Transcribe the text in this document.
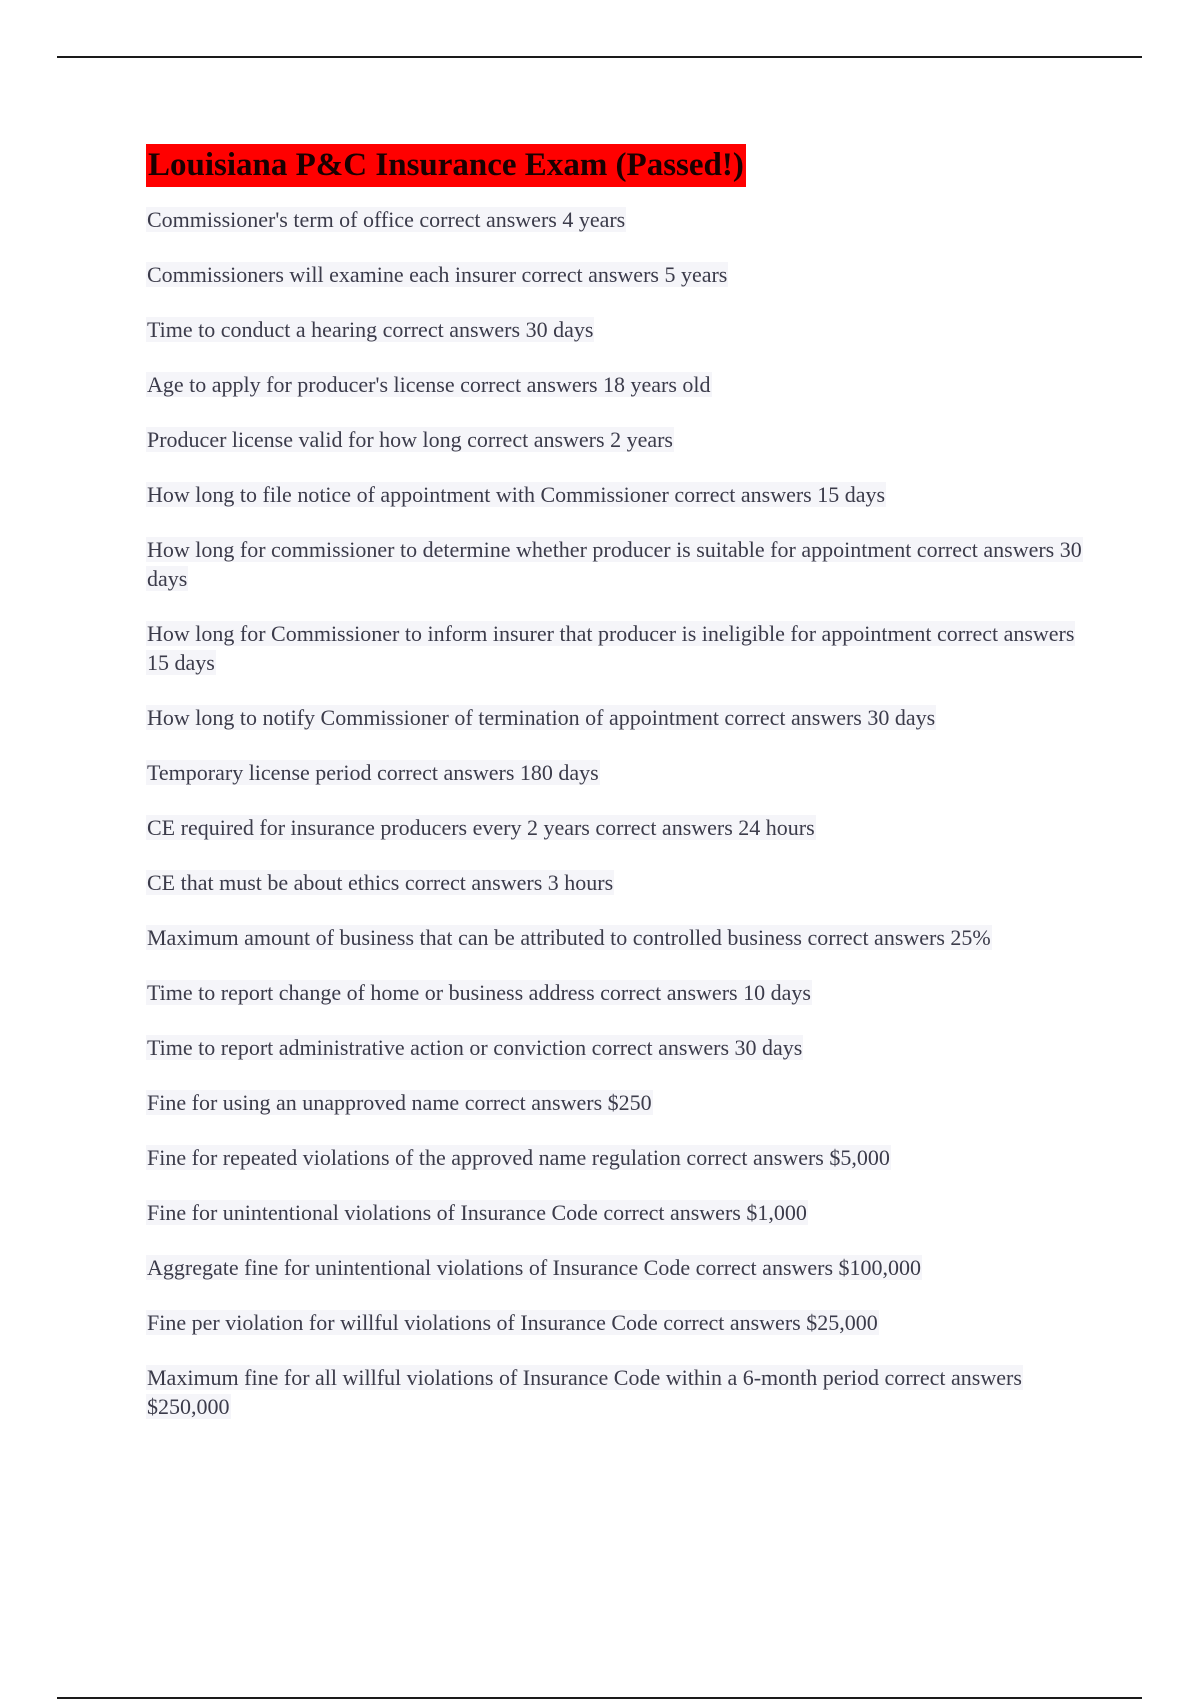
Louisiana P&C Insurance Exam (Passed!)
Commissioner's term of office correct answers 4 years
Commissioners will examine each insurer correct answers 5 years
Time to conduct a hearing correct answers 30 days
Age to apply for producer's license correct answers 18 years old
Producer license valid for how long correct answers 2 years
How long to file notice of appointment with Commissioner correct answers 15 days
How long for commissioner to determine whether producer is suitable for appointment correct answers 30 days
How long for Commissioner to inform insurer that producer is ineligible for appointment correct answers 15 days
How long to notify Commissioner of termination of appointment correct answers 30 days
Temporary license period correct answers 180 days
CE required for insurance producers every 2 years correct answers 24 hours
CE that must be about ethics correct answers 3 hours
Maximum amount of business that can be attributed to controlled business correct answers 25%
Time to report change of home or business address correct answers 10 days
Time to report administrative action or conviction correct answers 30 days
Fine for using an unapproved name correct answers $250
Fine for repeated violations of the approved name regulation correct answers $5,000
Fine for unintentional violations of Insurance Code correct answers $1,000
Aggregate fine for unintentional violations of Insurance Code correct answers $100,000
Fine per violation for willful violations of Insurance Code correct answers $25,000
Maximum fine for all willful violations of Insurance Code within a 6-month period correct answers $250,000
